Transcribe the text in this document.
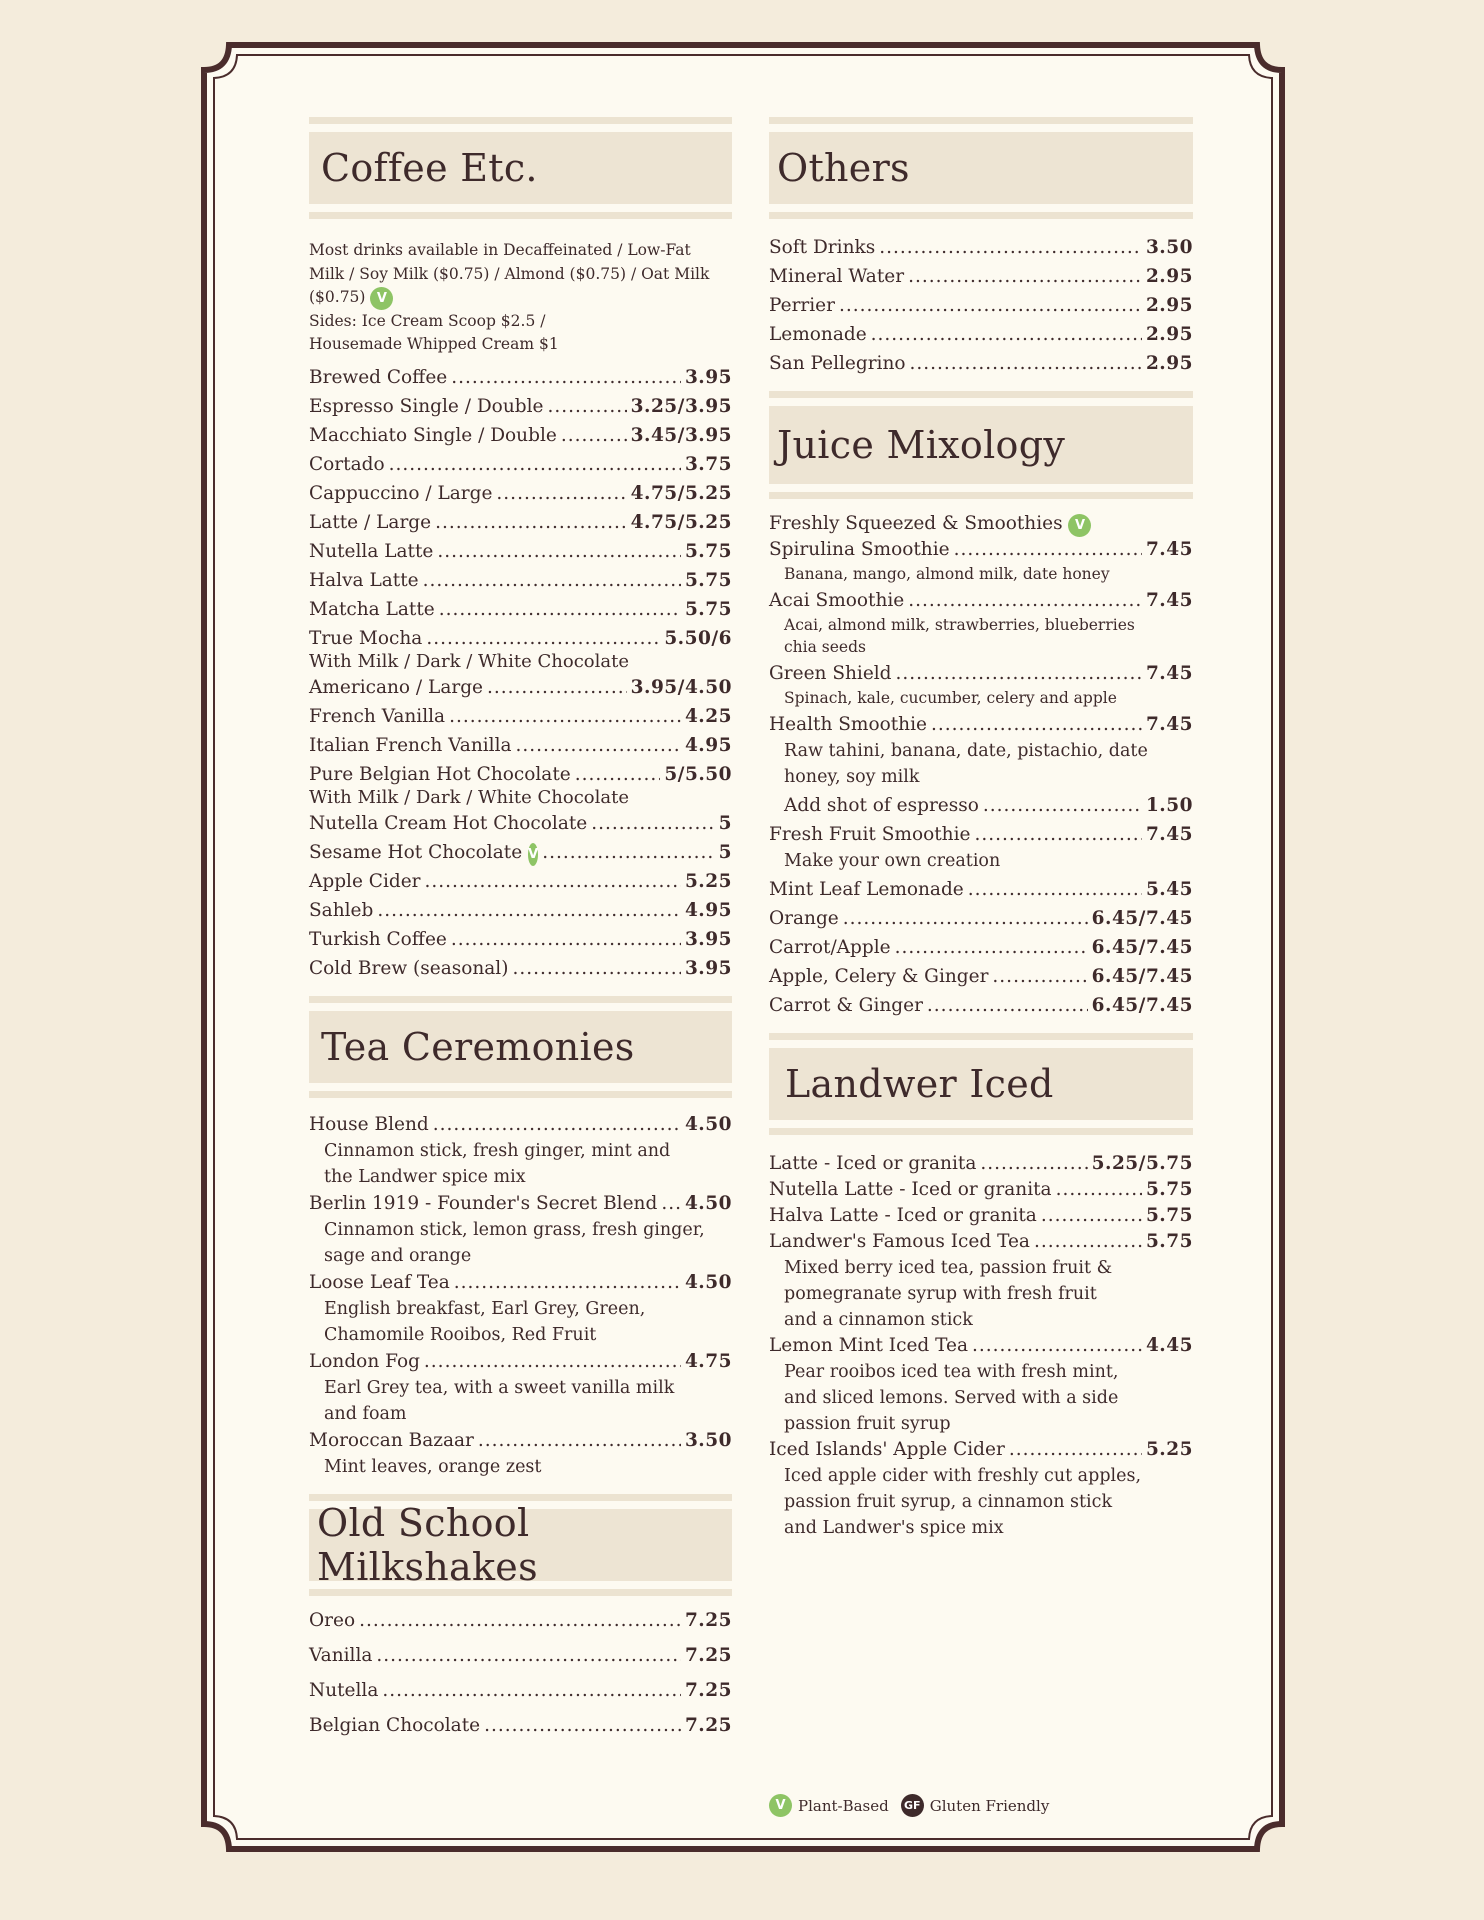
Coffee Etc.
Most drinks available in Decaffeinated / Low-Fat
Milk / Soy Milk ($0.75) / Almond ($0.75) / Oat Milk
($0.75) V
Sides: Ice Cream Scoop $2.5 /
Housemade Whipped Cream $1
Brewed Coffee .....	3.95
Espresso Single / Double .....	3.25/3.95
Macchiato Single / Double .....	3.45/3.95
Cortado .....	3.75
Cappuccino / Large .....	4.75/5.25
Latte / Large .....	4.75/5.25
Nutella Latte .....	5.75
Halva Latte .....	5.75
Matcha Latte .....	5.75
True Mocha .....	5.50/6
With Milk / Dark / White Chocolate
Americano / Large .....	3.95/4.50
French Vanilla .....	4.25
Italian French Vanilla .....	4.95
Pure Belgian Hot Chocolate .....	5/5.50
With Milk / Dark / White Chocolate
Nutella Cream Hot Chocolate .....	5
Sesame Hot Chocolate V .....	5
Apple Cider .....	5.25
Sahleb .....	4.95
Turkish Coffee .....	3.95
Cold Brew (seasonal) .....	3.95
Tea Ceremonies
House Blend .....	4.50
Cinnamon stick, fresh ginger, mint and
the Landwer spice mix
Berlin 1919 - Founder's Secret Blend ..... 4.50
Cinnamon stick, lemon grass, fresh ginger,
sage and orange
Loose Leaf Tea .....	4.50
English breakfast, Earl Grey, Green,
Chamomile Rooibos, Red Fruit
London Fog .....	4.75
Earl Grey tea, with a sweet vanilla milk
and foam
Moroccan Bazaar .....	3.50
Mint leaves, orange zest
Old School Milkshakes
Oreo .....	7.25
Vanilla .....	7.25
Nutella .....	7.25
Belgian Chocolate .....	7.25
Others
Soft Drinks .....	3.50
Mineral Water .....	2.95
Perrier .....	2.95
Lemonade .....	2.95
San Pellegrino .....	2.95
Juice Mixology
Freshly Squeezed & Smoothies
V
Spirulina Smoothie .....	7.45
Banana, mango, almond milk, date honey
Acai Smoothie .....	7.45
Acai, almond milk, strawberries, blueberries
chia seeds
Green Shield .....	7.45
Spinach, kale, cucumber, celery and apple
Health Smoothie .....	7.45
Raw tahini, banana, date, pistachio, date
honey, soy milk
Add shot of espresso .....	1.50
Fresh Fruit Smoothie .....	7.45
Make your own creation
Mint Leaf Lemonade .....	5.45
Orange .....	6.45/7.45
Carrot/Apple .....	6.45/7.45
Apple, Celery & Ginger .....	6.45/7.45
Carrot & Ginger .....	6.45/7.45
Landwer Iced
Latte - Iced or granita .....	5.25/5.75
Nutella Latte - Iced or granita .....	5.75
Halva Latte - Iced or granita .....	5.75
Landwer's Famous Iced Tea .....	5.75
Mixed berry iced tea, passion fruit &
pomegranate syrup with fresh fruit
and a cinnamon stick
Lemon Mint Iced Tea .....	4.45
Pear rooibos iced tea with fresh mint,
and sliced lemons. Served with a side
passion fruit syrup
Iced Islands' Apple Cider .....	5.25
Iced apple cider with freshly cut apples,
passion fruit syrup, a cinnamon stick
and Landwer's spice mix
V Plant-Based GF Gluten Friendly
